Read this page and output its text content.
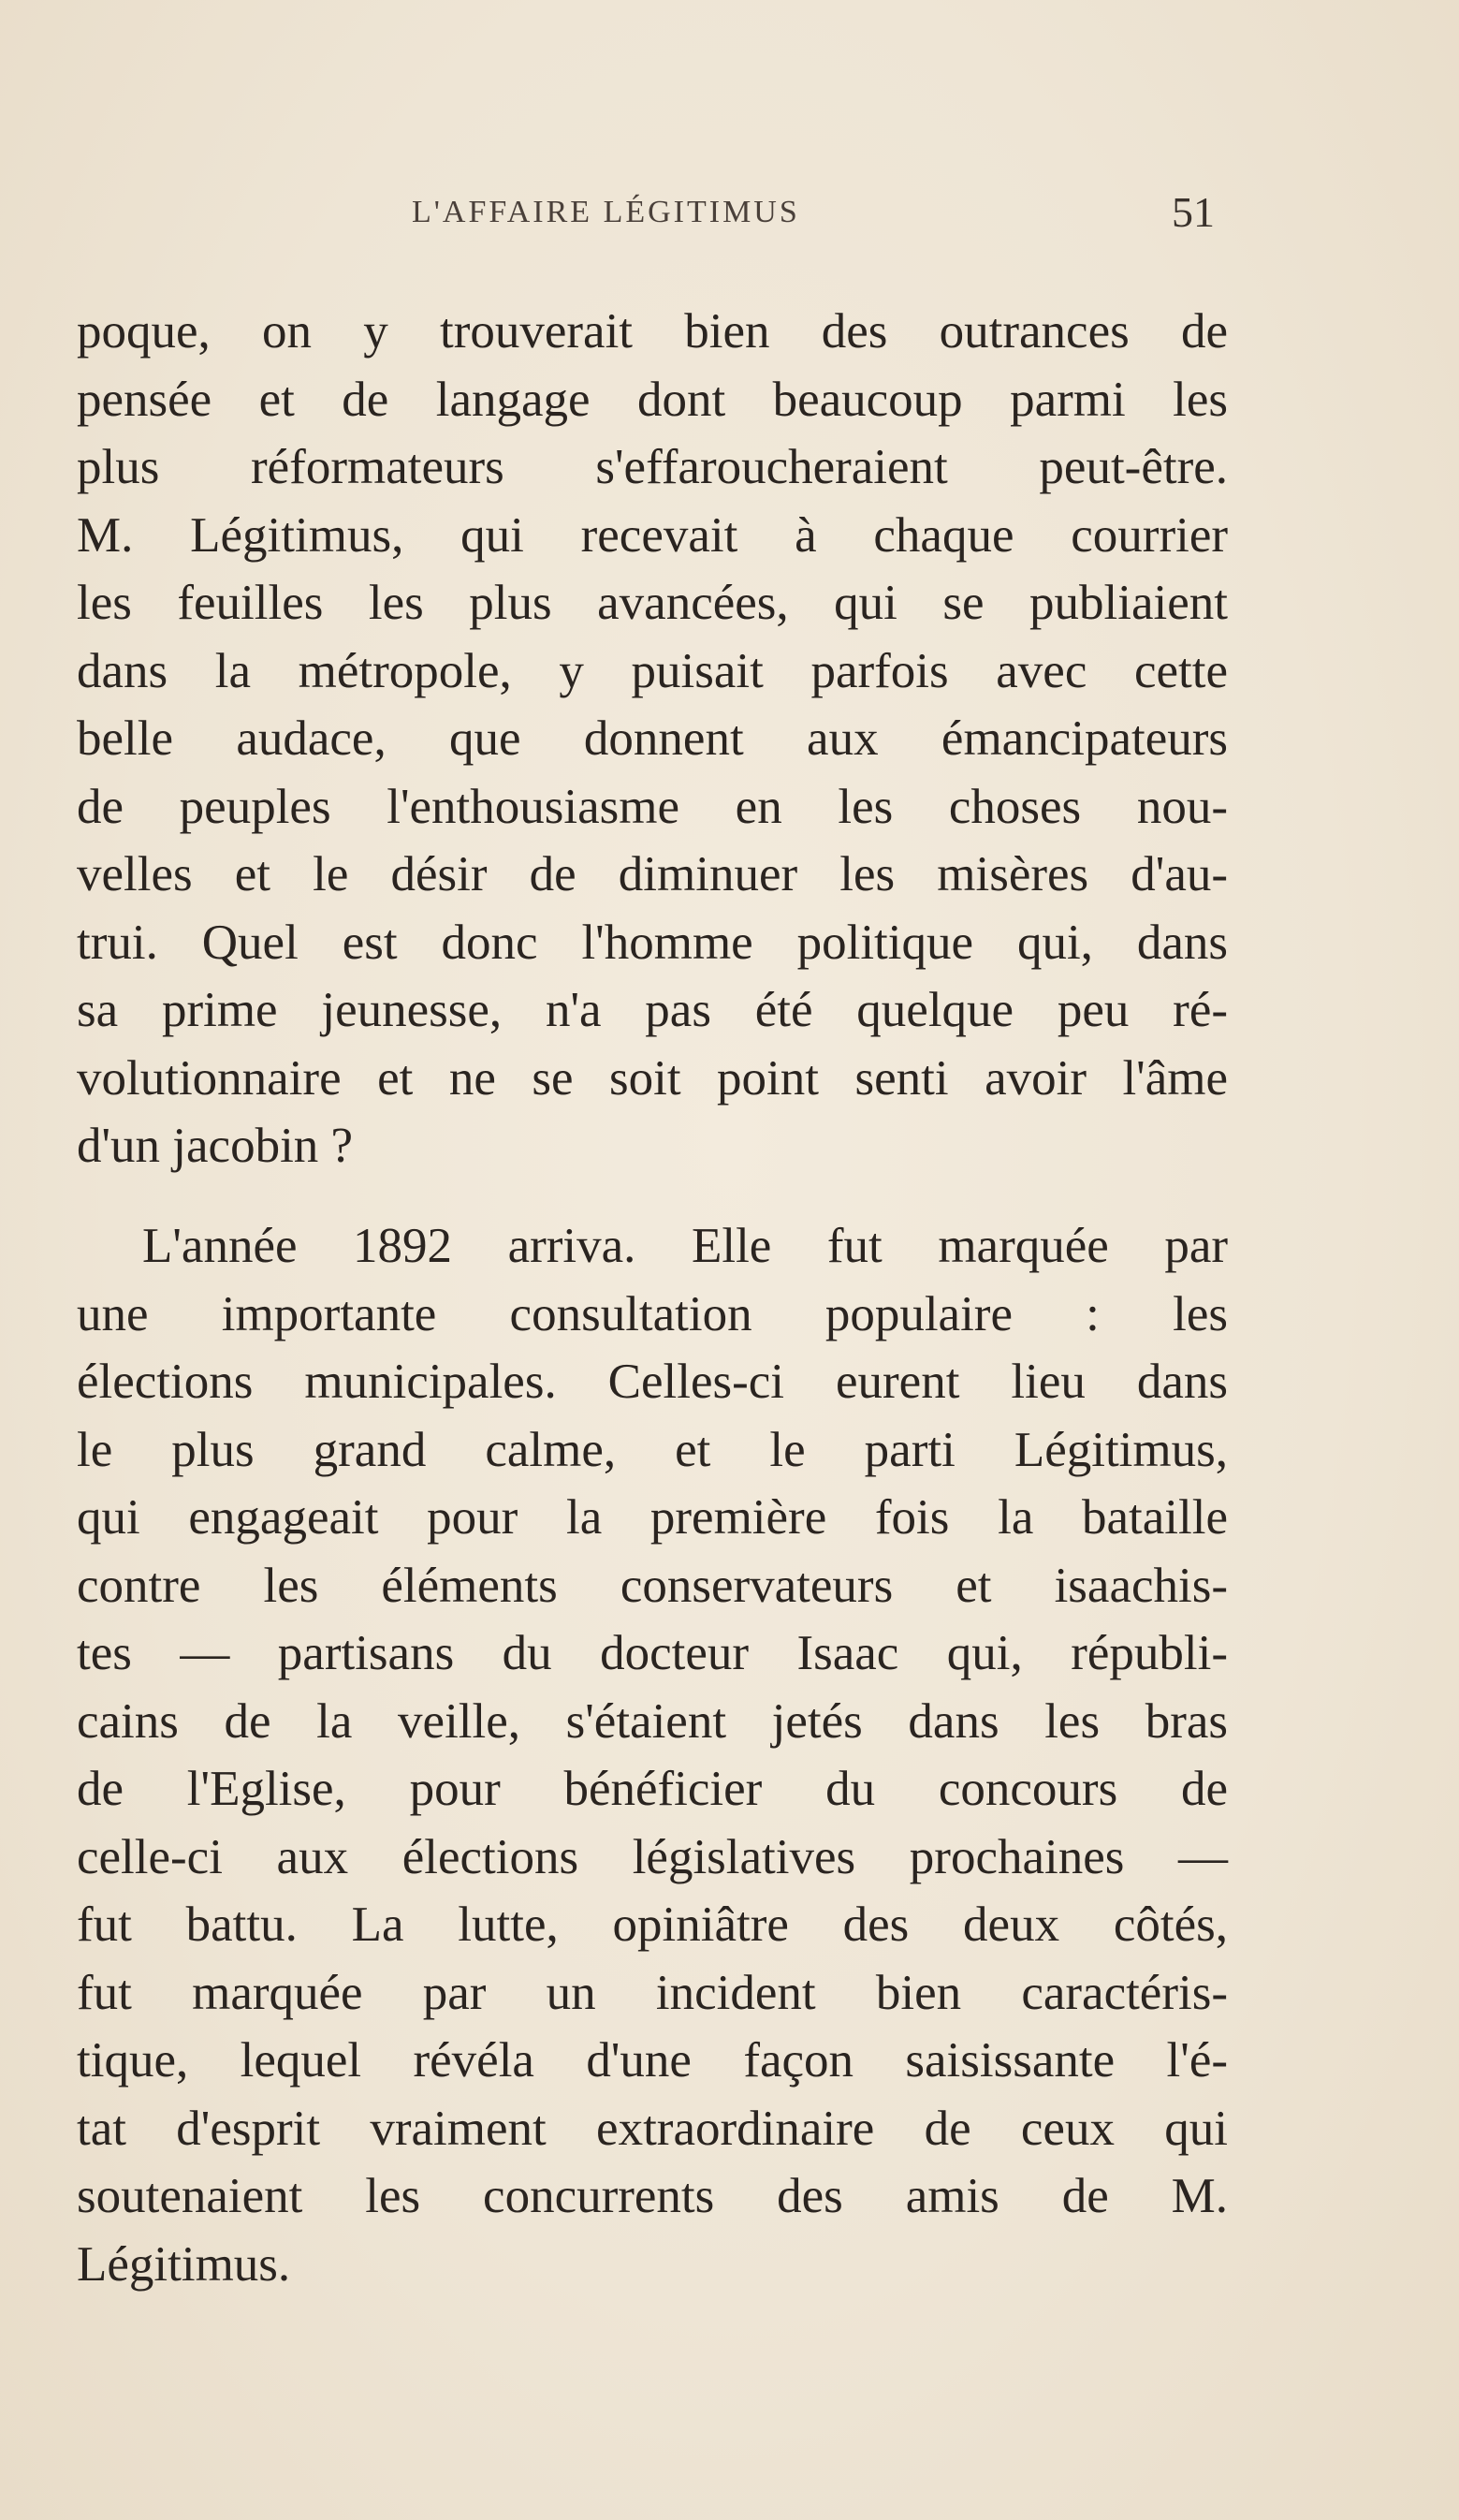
L'AFFAIRE LÉGITIMUS	51
poque, on y trouverait bien des outrances de
pensée et de langage dont beaucoup parmi les
plus réformateurs s'effaroucheraient peut-être.
M. Légitimus, qui recevait à chaque courrier
les feuilles les plus avancées, qui se publiaient
dans la métropole, y puisait parfois avec cette
belle audace, que donnent aux émancipateurs
de peuples l'enthousiasme en les choses nou-
velles et le désir de diminuer les misères d'au-
trui. Quel est donc l'homme politique qui, dans
sa prime jeunesse, n'a pas été quelque peu ré-
volutionnaire et ne se soit point senti avoir l'âme
d'un jacobin ?
L'année 1892 arriva. Elle fut marquée par
une importante consultation populaire : les
élections municipales. Celles-ci eurent lieu dans
le plus grand calme, et le parti Légitimus,
qui engageait pour la première fois la bataille
contre les éléments conservateurs et isaachis-
tes — partisans du docteur Isaac qui, républi-
cains de la veille, s'étaient jetés dans les bras
de l'Eglise, pour bénéficier du concours de
celle-ci aux élections législatives prochaines —
fut battu. La lutte, opiniâtre des deux côtés,
fut marquée par un incident bien caractéris-
tique, lequel révéla d'une façon saisissante l'é-
tat d'esprit vraiment extraordinaire de ceux qui
soutenaient les concurrents des amis de M.
Légitimus.
